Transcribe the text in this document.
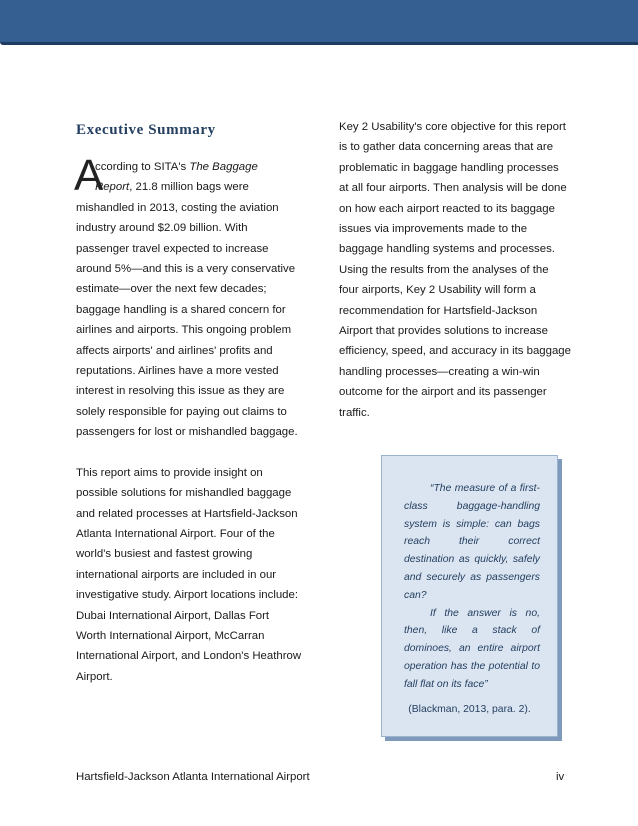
Executive Summary

A
ccording to SITA's The Baggage
Report, 21.8 million bags were
mishandled in 2013, costing the aviation industry around $2.09 billion. With passenger travel expected to increase around 5%—and this is a very conservative estimate—over the next few decades; baggage handling is a shared concern for airlines and airports. This ongoing problem affects airports' and airlines' profits and reputations. Airlines have a more vested interest in resolving this issue as they are solely responsible for paying out claims to passengers for lost or mishandled baggage.

This report aims to provide insight on possible solutions for mishandled baggage and related processes at Hartsfield-Jackson Atlanta International Airport. Four of the world's busiest and fastest growing international airports are included in our investigative study. Airport locations include: Dubai International Airport, Dallas Fort Worth International Airport, McCarran International Airport, and London's Heathrow Airport.

Key 2 Usability's core objective for this report is to gather data concerning areas that are problematic in baggage handling processes at all four airports. Then analysis will be done on how each airport reacted to its baggage issues via improvements made to the baggage handling systems and processes. Using the results from the analyses of the four airports, Key 2 Usability will form a recommendation for Hartsfield-Jackson Airport that provides solutions to increase efficiency, speed, and accuracy in its baggage handling processes—creating a win-win outcome for the airport and its passenger traffic.

“The measure of a first-class baggage-handling system is simple: can bags reach their correct destination as quickly, safely and securely as passengers can?
If the answer is no, then, like a stack of dominoes, an entire airport operation has the potential to fall flat on its face”
(Blackman, 2013, para. 2).
Hartsfield-Jackson Atlanta International Airport	iv
